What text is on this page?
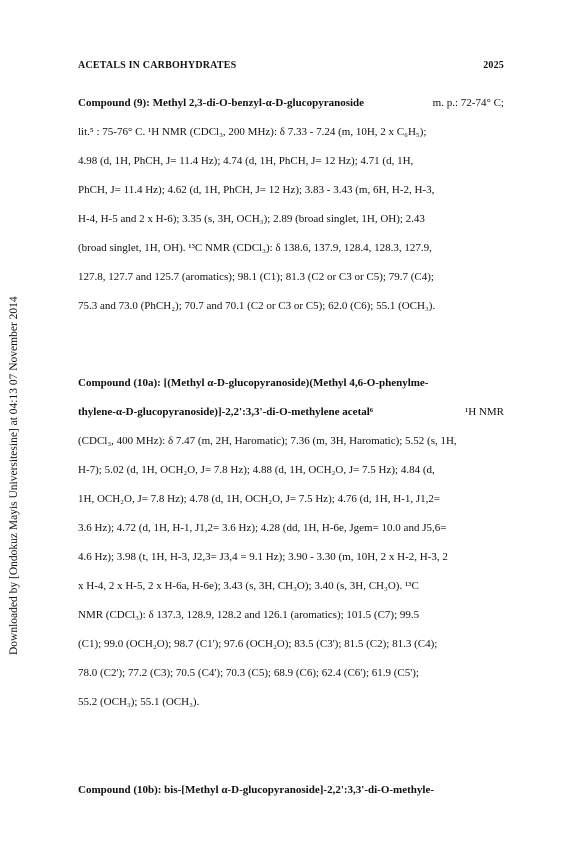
Downloaded by [Ondokuz Mayis Universitesine] at 04:13 07 November 2014
ACETALS IN CARBOHYDRATES	2025
Compound (9): Methyl 2,3-di-O-benzyl-α-D-glucopyranoside	m. p.: 72-74° C;
lit.⁵ : 75-76° C. ¹H NMR (CDCl₃, 200 MHz): δ 7.33 - 7.24 (m, 10H, 2 x C₆H₅);
4.98 (d, 1H, PhCH, J= 11.4 Hz); 4.74 (d, 1H, PhCH, J= 12 Hz); 4.71 (d, 1H,
PhCH, J= 11.4 Hz); 4.62 (d, 1H, PhCH, J= 12 Hz); 3.83 - 3.43 (m, 6H, H-2, H-3,
H-4, H-5 and 2 x H-6); 3.35 (s, 3H, OCH₃); 2.89 (broad singlet, 1H, OH); 2.43
(broad singlet, 1H, OH). ¹³C NMR (CDCl₃): δ 138.6, 137.9, 128.4, 128.3, 127.9,
127.8, 127.7 and 125.7 (aromatics); 98.1 (C1); 81.3 (C2 or C3 or C5); 79.7 (C4);
75.3 and 73.0 (PhCH₂); 70.7 and 70.1 (C2 or C3 or C5); 62.0 (C6); 55.1 (OCH₃).
Compound (10a): [(Methyl α-D-glucopyranoside)(Methyl 4,6-O-phenylme-
thylene-α-D-glucopyranoside)]-2,2':3,3'-di-O-methylene acetal⁶	¹H NMR
(CDCl₃, 400 MHz): δ 7.47 (m, 2H, Haromatic); 7.36 (m, 3H, Haromatic); 5.52 (s, 1H,
H-7); 5.02 (d, 1H, OCH₂O, J= 7.8 Hz); 4.88 (d, 1H, OCH₂O, J= 7.5 Hz); 4.84 (d,
1H, OCH₂O, J= 7.8 Hz); 4.78 (d, 1H, OCH₂O, J= 7.5 Hz); 4.76 (d, 1H, H-1, J1,2=
3.6 Hz); 4.72 (d, 1H, H-1, J1,2= 3.6 Hz); 4.28 (dd, 1H, H-6e, Jgem= 10.0 and J5,6=
4.6 Hz); 3.98 (t, 1H, H-3, J2,3= J3,4 = 9.1 Hz); 3.90 - 3.30 (m, 10H, 2 x H-2, H-3, 2
x H-4, 2 x H-5, 2 x H-6a, H-6e); 3.43 (s, 3H, CH₃O); 3.40 (s, 3H, CH₃O). ¹³C
NMR (CDCl₃): δ 137.3, 128.9, 128.2 and 126.1 (aromatics); 101.5 (C7); 99.5
(C1); 99.0 (OCH₂O); 98.7 (C1'); 97.6 (OCH₂O); 83.5 (C3'); 81.5 (C2); 81.3 (C4);
78.0 (C2'); 77.2 (C3); 70.5 (C4'); 70.3 (C5); 68.9 (C6); 62.4 (C6'); 61.9 (C5');
55.2 (OCH₃); 55.1 (OCH₃).
Compound (10b): bis-[Methyl α-D-glucopyranoside]-2,2':3,3'-di-O-methyle-
